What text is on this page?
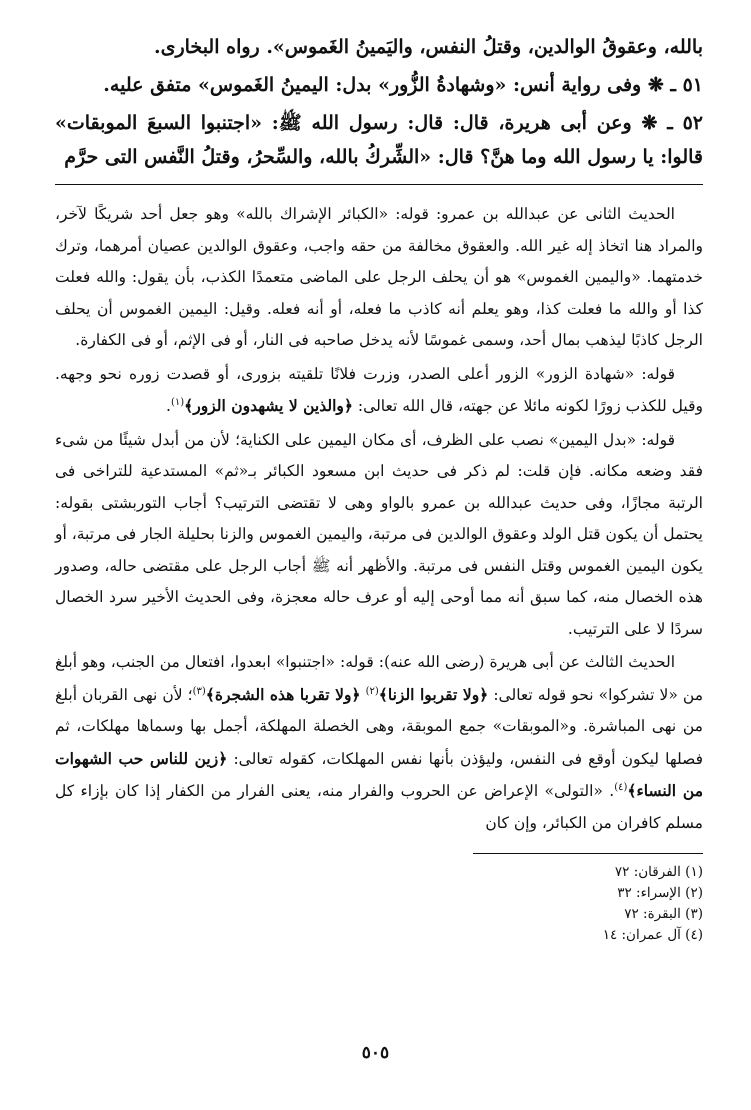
بالله، وعقوقُ الوالدين، وقتلُ النفس، واليَمينُ الغَموس». رواه البخارى.
٥١ ـ ❋ وفى رواية أنس: «وشهادةُ الزُّور» بدل: اليمينُ الغَموس» متفق عليه.
٥٢ ـ ❋ وعن أبى هريرة، قال: قال: رسول الله ﷺ: «اجتنبوا السبعَ الموبقات» قالوا: يا رسول الله وما هنَّ؟ قال: «الشِّركُ بالله، والسِّحرُ، وقتلُ النَّفس التى حرَّم

الحديث الثانى عن عبدالله بن عمرو: قوله: «الكبائر الإشراك بالله» وهو جعل أحد شريكًا لآخر، والمراد هنا اتخاذ إله غير الله. والعقوق مخالفة من حقه واجب، وعقوق الوالدين عصيان أمرهما، وترك خدمتهما. «واليمين الغموس» هو أن يحلف الرجل على الماضى متعمدًا الكذب، بأن يقول: والله فعلت كذا أو والله ما فعلت كذا، وهو يعلم أنه كاذب ما فعله، أو أنه فعله. وقيل: اليمين الغموس أن يحلف الرجل كاذبًا ليذهب بمال أحد، وسمى غموسًا لأنه يدخل صاحبه فى النار، أو فى الإثم، أو فى الكفارة.

قوله: «شهادة الزور» الزور أعلى الصدر، وزرت فلانًا تلقيته بزورى، أو قصدت زوره نحو وجهه. وقيل للكذب زورًا لكونه مائلا عن جهته، قال الله تعالى: ﴿والذين لا يشهدون الزور﴾$^{(١)}$.

قوله: «بدل اليمين» نصب على الظرف، أى مكان اليمين على الكناية؛ لأن من أبدل شيئًا من شىء فقد وضعه مكانه. فإن قلت: لم ذكر فى حديث ابن مسعود الكبائر بـ«ثم» المستدعية للتراخى فى الرتبة مجازًا، وفى حديث عبدالله بن عمرو بالواو وهى لا تقتضى الترتيب؟ أجاب التوربشتى بقوله: يحتمل أن يكون قتل الولد وعقوق الوالدين فى مرتبة، واليمين الغموس والزنا بحليلة الجار فى مرتبة، أو يكون اليمين الغموس وقتل النفس فى مرتبة. والأظهر أنه ﷺ أجاب الرجل على مقتضى حاله، وصدور هذه الخصال منه، كما سبق أنه مما أوحى إليه أو عرف حاله معجزة، وفى الحديث الأخير سرد الخصال سردًا لا على الترتيب.

الحديث الثالث عن أبى هريرة (رضى الله عنه): قوله: «اجتنبوا» ابعدوا، افتعال من الجنب، وهو أبلغ من «لا تشركوا» نحو قوله تعالى: ﴿ولا تقربوا الزنا﴾$^{(٢)}$ ﴿ولا تقربا هذه الشجرة﴾$^{(٣)}$؛ لأن نهى القربان أبلغ من نهى المباشرة. و«الموبقات» جمع الموبقة، وهى الخصلة المهلكة، أجمل بها وسماها مهلكات، ثم فصلها ليكون أوقع فى النفس، وليؤذن بأنها نفس المهلكات، كقوله تعالى: ﴿زين للناس حب الشهوات من النساء﴾$^{(٤)}$. «التولى» الإعراض عن الحروب والفرار منه، يعنى الفرار من الكفار إذا كان بإزاء كل مسلم كافران من الكبائر، وإن كان

(١) الفرقان: ٧٢
(٢) الإسراء: ٣٢
(٣) البقرة: ٧٢
(٤) آل عمران: ١٤
٥٠٥
